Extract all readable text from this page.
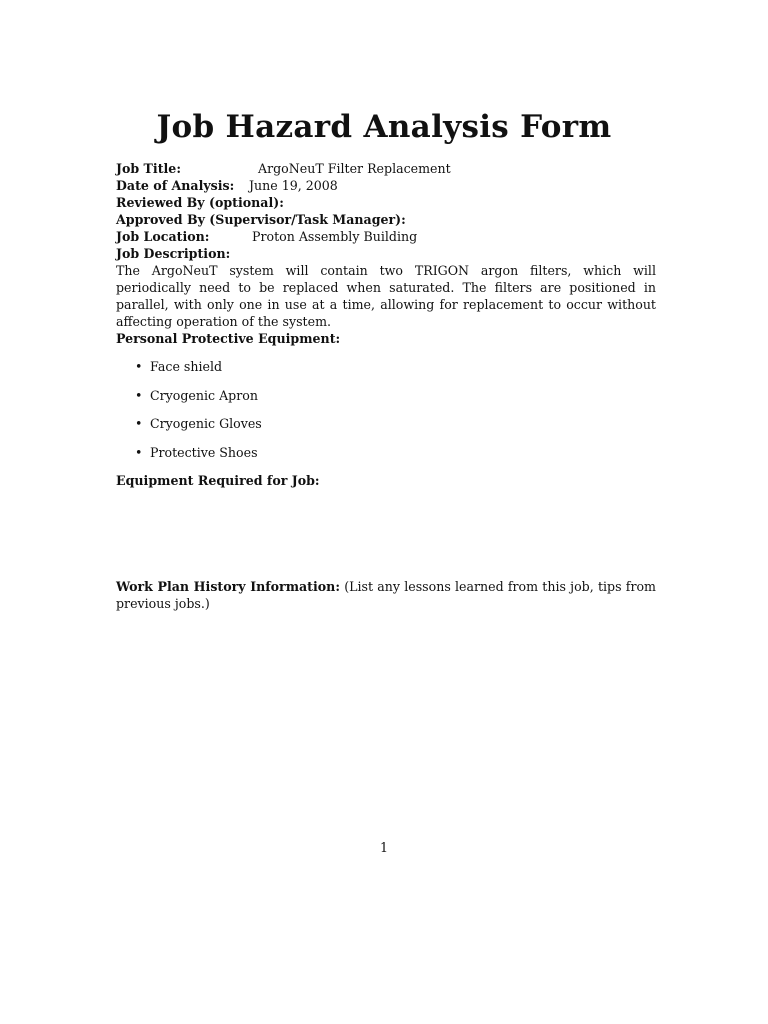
Job Hazard Analysis Form
Job Title:	ArgoNeuT Filter Replacement
Date of Analysis: June 19, 2008
Reviewed By (optional):
Approved By (Supervisor/Task Manager):
Job Location:	Proton Assembly Building
Job Description:
The ArgoNeuT system will contain two TRIGON argon filters, which will periodically need to be replaced when saturated. The filters are positioned in parallel, with only one in use at a time, allowing for replacement to occur without affecting operation of the system.
Personal Protective Equipment:
• Face shield
• Cryogenic Apron
• Cryogenic Gloves
• Protective Shoes
Equipment Required for Job:
Work Plan History Information: (List any lessons learned from this job, tips from previous jobs.)
1
